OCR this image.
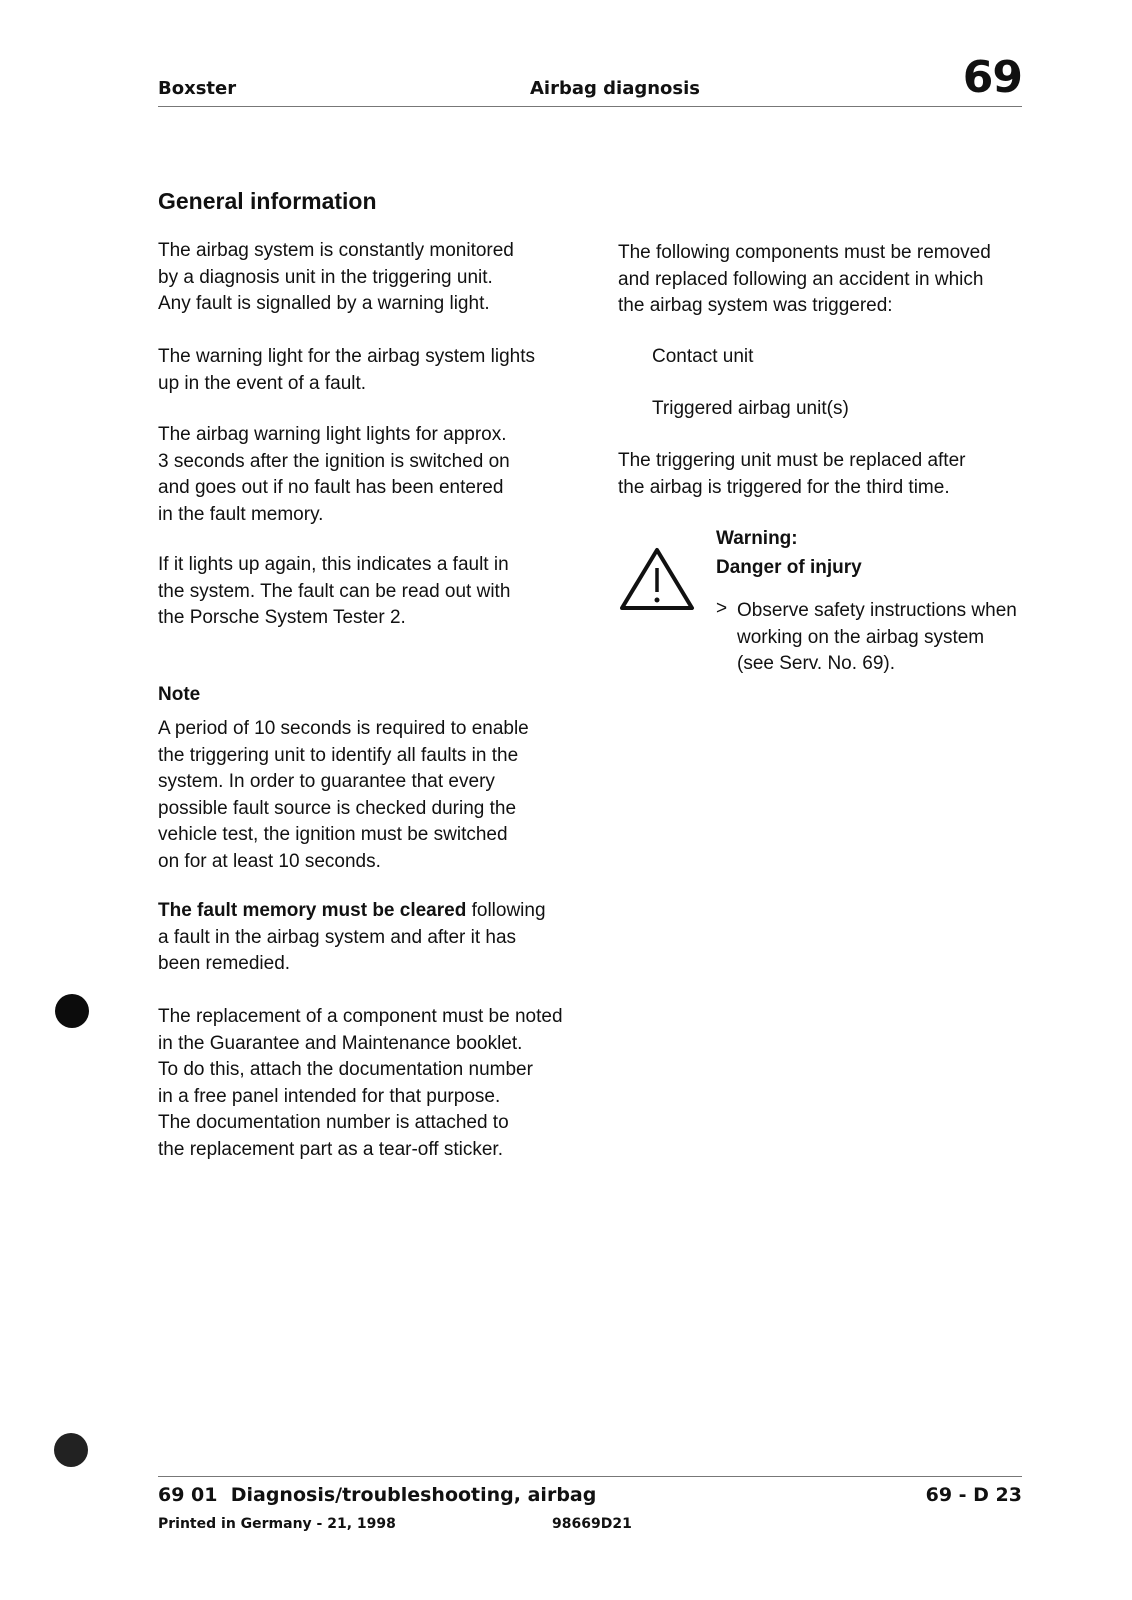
Boxster	Airbag diagnosis	69
General information
The airbag system is constantly monitored
by a diagnosis unit in the triggering unit.
Any fault is signalled by a warning light.
The warning light for the airbag system lights
up in the event of a fault.
The airbag warning light lights for approx.
3 seconds after the ignition is switched on
and goes out if no fault has been entered
in the fault memory.
If it lights up again, this indicates a fault in
the system. The fault can be read out with
the Porsche System Tester 2.
Note
A period of 10 seconds is required to enable
the triggering unit to identify all faults in the
system. In order to guarantee that every
possible fault source is checked during the
vehicle test, the ignition must be switched
on for at least 10 seconds.
The fault memory must be cleared following
a fault in the airbag system and after it has
been remedied.
The replacement of a component must be noted
in the Guarantee and Maintenance booklet.
To do this, attach the documentation number
in a free panel intended for that purpose.
The documentation number is attached to
the replacement part as a tear-off sticker.
The following components must be removed
and replaced following an accident in which
the airbag system was triggered:
Contact unit
Triggered airbag unit(s)
The triggering unit must be replaced after
the airbag is triggered for the third time.
Warning:
Danger of injury
> Observe safety instructions when
working on the airbag system
(see Serv. No. 69).
69 01  Diagnosis/troubleshooting, airbag	69 - D 23
Printed in Germany - 21, 1998	98669D21
